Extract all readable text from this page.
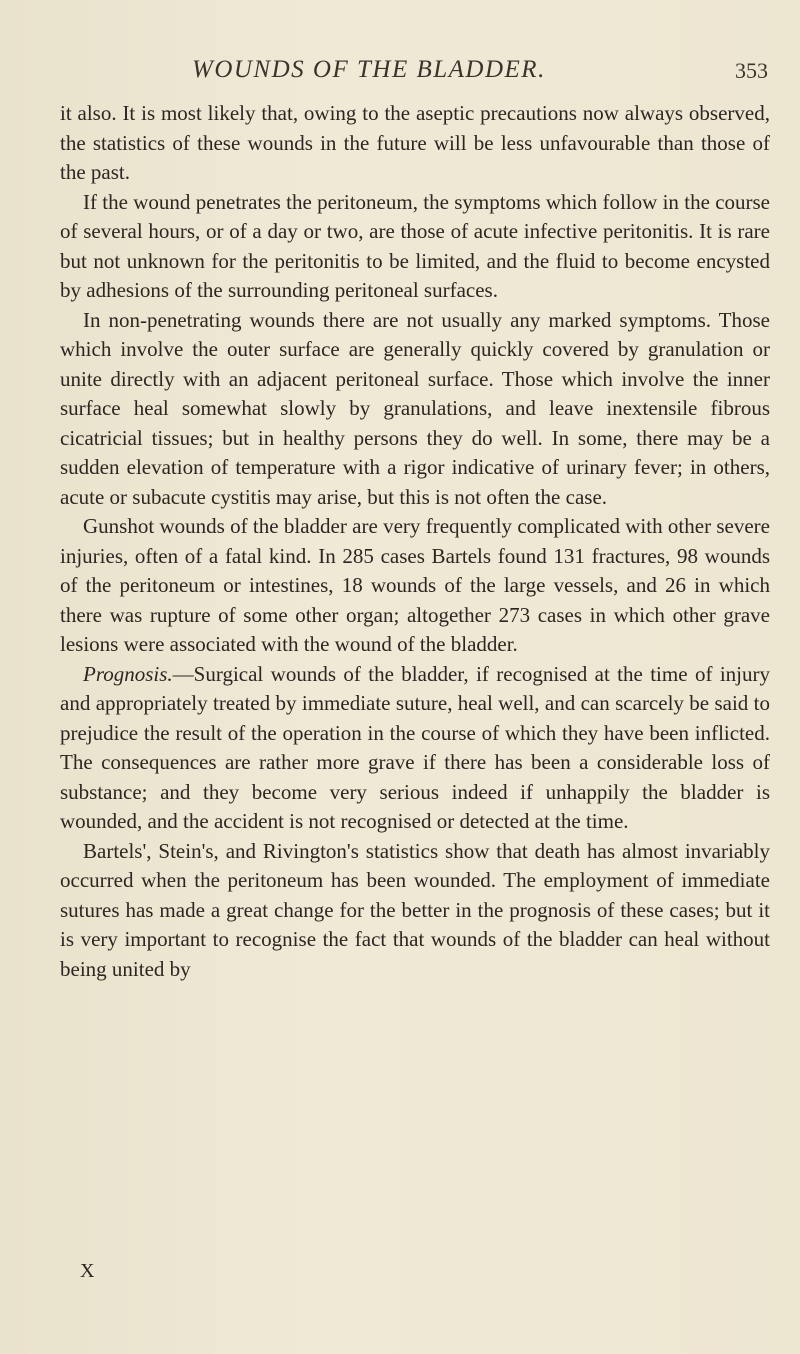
WOUNDS OF THE BLADDER.	353

it also. It is most likely that, owing to the aseptic precautions now always observed, the statistics of these wounds in the future will be less unfavourable than those of the past.

If the wound penetrates the peritoneum, the symptoms which follow in the course of several hours, or of a day or two, are those of acute infective peritonitis. It is rare but not unknown for the peritonitis to be limited, and the fluid to become encysted by adhesions of the surrounding peritoneal surfaces.

In non-penetrating wounds there are not usually any marked symptoms. Those which involve the outer surface are generally quickly covered by granulation or unite directly with an adjacent peritoneal surface. Those which involve the inner surface heal somewhat slowly by granulations, and leave inextensile fibrous cicatricial tissues; but in healthy persons they do well. In some, there may be a sudden elevation of temperature with a rigor indicative of urinary fever; in others, acute or subacute cystitis may arise, but this is not often the case.

Gunshot wounds of the bladder are very frequently complicated with other severe injuries, often of a fatal kind. In 285 cases Bartels found 131 fractures, 98 wounds of the peritoneum or intestines, 18 wounds of the large vessels, and 26 in which there was rupture of some other organ; altogether 273 cases in which other grave lesions were associated with the wound of the bladder.

Prognosis.—Surgical wounds of the bladder, if recognised at the time of injury and appropriately treated by immediate suture, heal well, and can scarcely be said to prejudice the result of the operation in the course of which they have been inflicted. The consequences are rather more grave if there has been a considerable loss of substance; and they become very serious indeed if unhappily the bladder is wounded, and the accident is not recognised or detected at the time.

Bartels', Stein's, and Rivington's statistics show that death has almost invariably occurred when the peritoneum has been wounded. The employment of immediate sutures has made a great change for the better in the prognosis of these cases; but it is very important to recognise the fact that wounds of the bladder can heal without being united by

X
